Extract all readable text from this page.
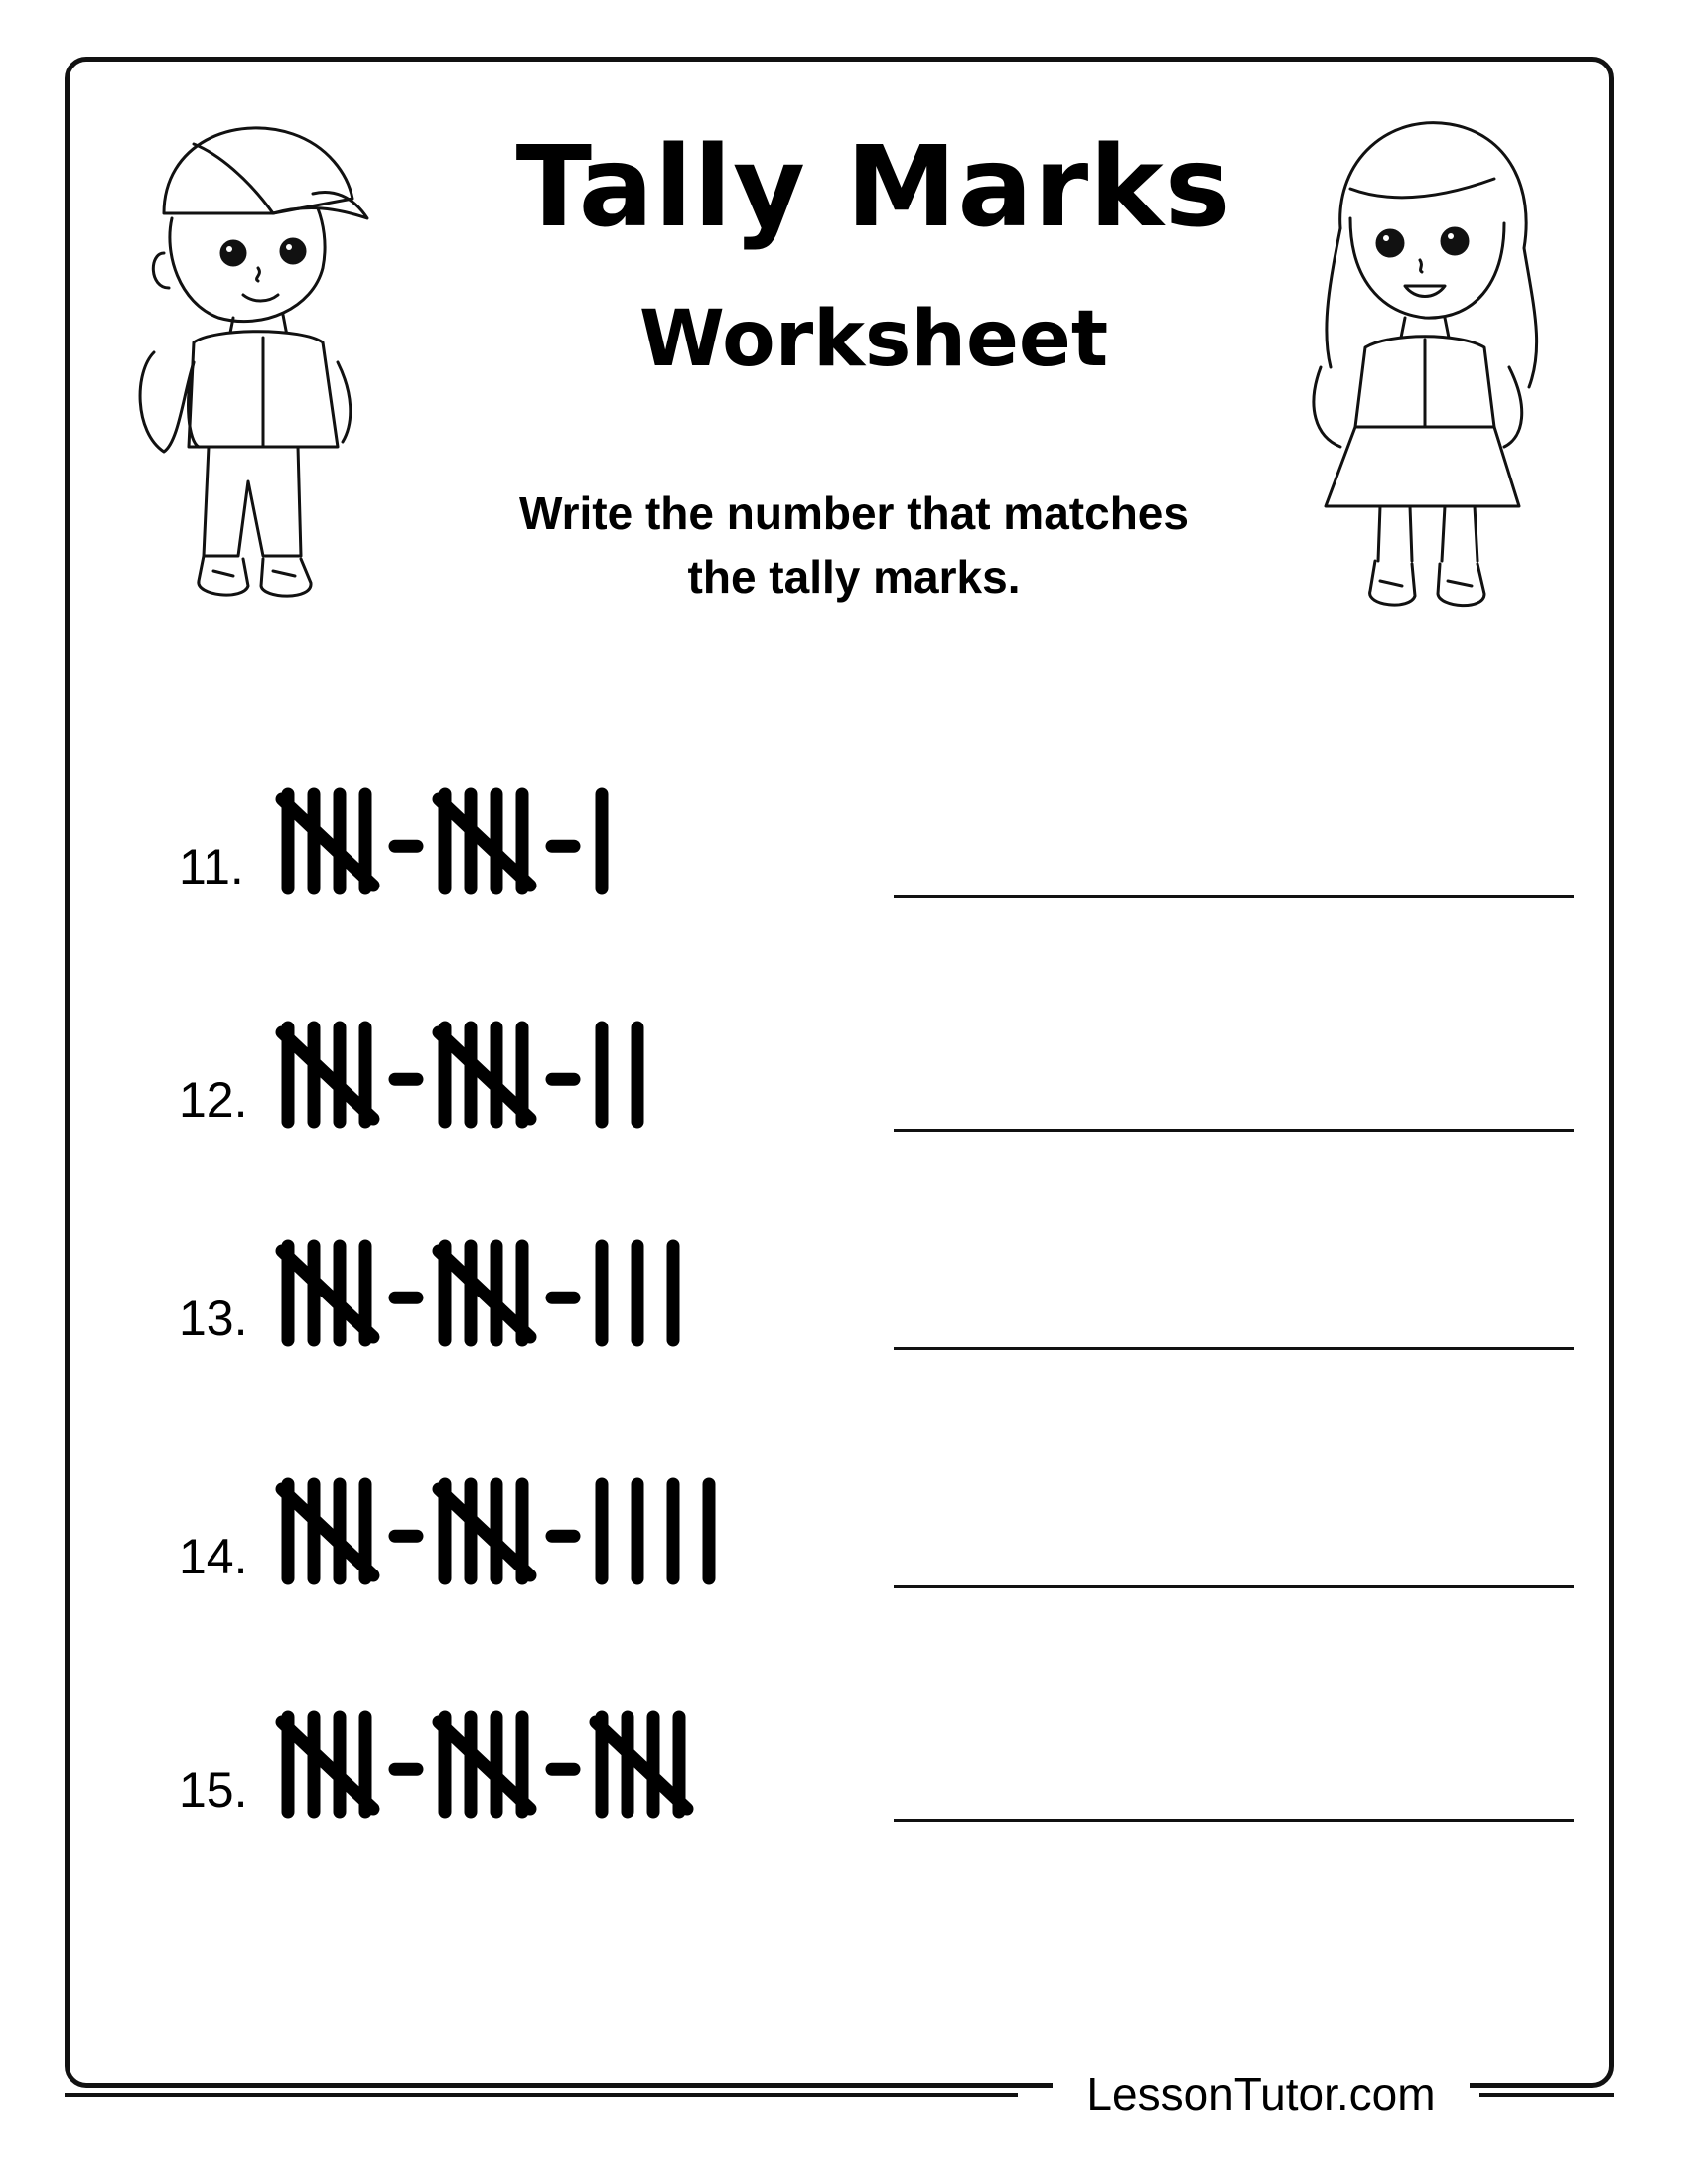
Tally Marks
Worksheet
Write the number that matches
the tally marks.
11.
12.
13.
14.
15.
LessonTutor.com
